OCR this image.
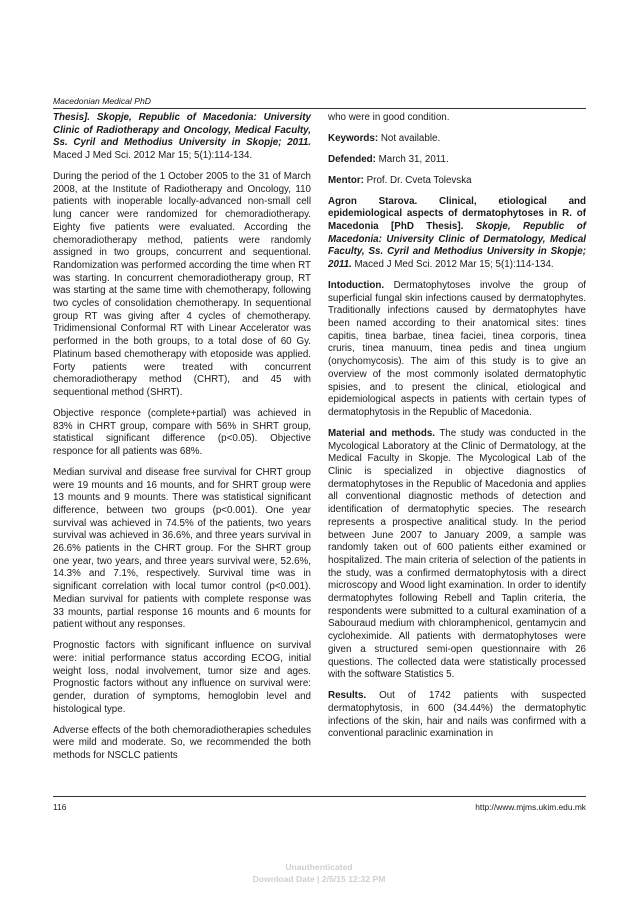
Macedonian Medical PhD

Thesis]. Skopje, Republic of Macedonia: University Clinic of Radiotherapy and Oncology, Medical Faculty, Ss. Cyril and Methodius University in Skopje; 2011. Maced J Med Sci. 2012 Mar 15; 5(1):114-134.

During the period of the 1 October 2005 to the 31 of March 2008, at the Institute of Radiotherapy and Oncology, 110 patients with inoperable locally-advanced non-small cell lung cancer were randomized for chemoradiotherapy. Eighty five patients were evaluated. According the chemoradiotherapy method, patients were randomly assigned in two groups, concurrent and sequentional. Randomization was performed according the time when RT was starting. In concurrent chemoradiotherapy group, RT was starting at the same time with chemotherapy, following two cycles of consolidation chemotherapy. In sequentional group RT was giving after 4 cycles of chemotherapy. Tridimensional Conformal RT with Linear Accelerator was performed in the both groups, to a total dose of 60 Gy. Platinum based chemotherapy with etoposide was applied. Forty patients were treated with concurrent chemoradiotherapy method (CHRT), and 45 with sequentional method (SHRT).

Objective responce (complete+partial) was achieved in 83% in CHRT group, compare with 56% in SHRT group, statistical significant difference (p<0.05). Objective responce for all patients was 68%.

Median survival and disease free survival for CHRT group were 19 mounts and 16 mounts, and for SHRT group were 13 mounts and 9 mounts. There was statistical significant difference, between two groups (p<0.001). One year survival was achieved in 74.5% of the patients, two years survival was achieved in 36.6%, and three years survival in 26.6% patients in the CHRT group. For the SHRT group one year, two years, and three years survival were, 52.6%, 14.3% and 7.1%, respectively. Survival time was in significant correlation with local tumor control (p<0.001). Median survival for patients with complete response was 33 mounts, partial response 16 mounts and 6 mounts for patient without any responses.

Prognostic factors with significant influence on survival were: initial performance status according ECOG, initial weight loss, nodal involvement, tumor size and ages. Prognostic factors without any influence on survival were: gender, duration of symptoms, hemoglobin level and histological type.

Adverse effects of the both chemoradiotherapies schedules were mild and moderate. So, we recommended the both methods for NSCLC patients

who were in good condition.

Keywords: Not available.

Defended: March 31, 2011.

Mentor: Prof. Dr. Cveta Tolevska

Agron Starova. Clinical, etiological and epidemiological aspects of dermatophytoses in R. of Macedonia [PhD Thesis]. Skopje, Republic of Macedonia: University Clinic of Dermatology, Medical Faculty, Ss. Cyril and Methodius University in Skopje; 2011. Maced J Med Sci. 2012 Mar 15; 5(1):114-134.

Intoduction. Dermatophytoses involve the group of superficial fungal skin infections caused by dermatophytes. Traditionally infections caused by dermatophytes have been named according to their anatomical sites: tines capitis, tinea barbae, tinea faciei, tinea corporis, tinea cruris, tinea manuum, tinea pedis and tinea ungium (onychomycosis). The aim of this study is to give an overview of the most commonly isolated dermatophytic spisies, and to present the clinical, etiological and epidemiological aspects in patients with certain types of dermatophytosis in the Republic of Macedonia.

Material and methods. The study was conducted in the Mycological Laboratory at the Clinic of Dermatology, at the Medical Faculty in Skopje. The Mycological Lab of the Clinic is specialized in objective diagnostics of dermatophytoses in the Republic of Macedonia and applies all conventional diagnostic methods of detection and identification of dermatophytic species. The research represents a prospective analitical study. In the period between June 2007 to January 2009, a sample was randomly taken out of 600 patients either examined or hospitalized. The main criteria of selection of the patients in the study, was a confirmed dermatophytosis with a direct microscopy and Wood light examination. In order to identify dermatophytes following Rebell and Taplin criteria, the respondents were submitted to a cultural examination of a Sabouraud medium with chloramphenicol, gentamycin and cycloheximide. All patients with dermatophytoses were given a structured semi-open questionnaire with 26 questions. The collected data were statistically processed with the software Statistics 5.

Results. Out of 1742 patients with suspected dermatophytosis, in 600 (34.44%) the dermatophytic infections of the skin, hair and nails was confirmed with a conventional paraclinic examination in

116	http://www.mjms.ukim.edu.mk
Unauthenticated
Download Date | 2/5/15 12:32 PM
